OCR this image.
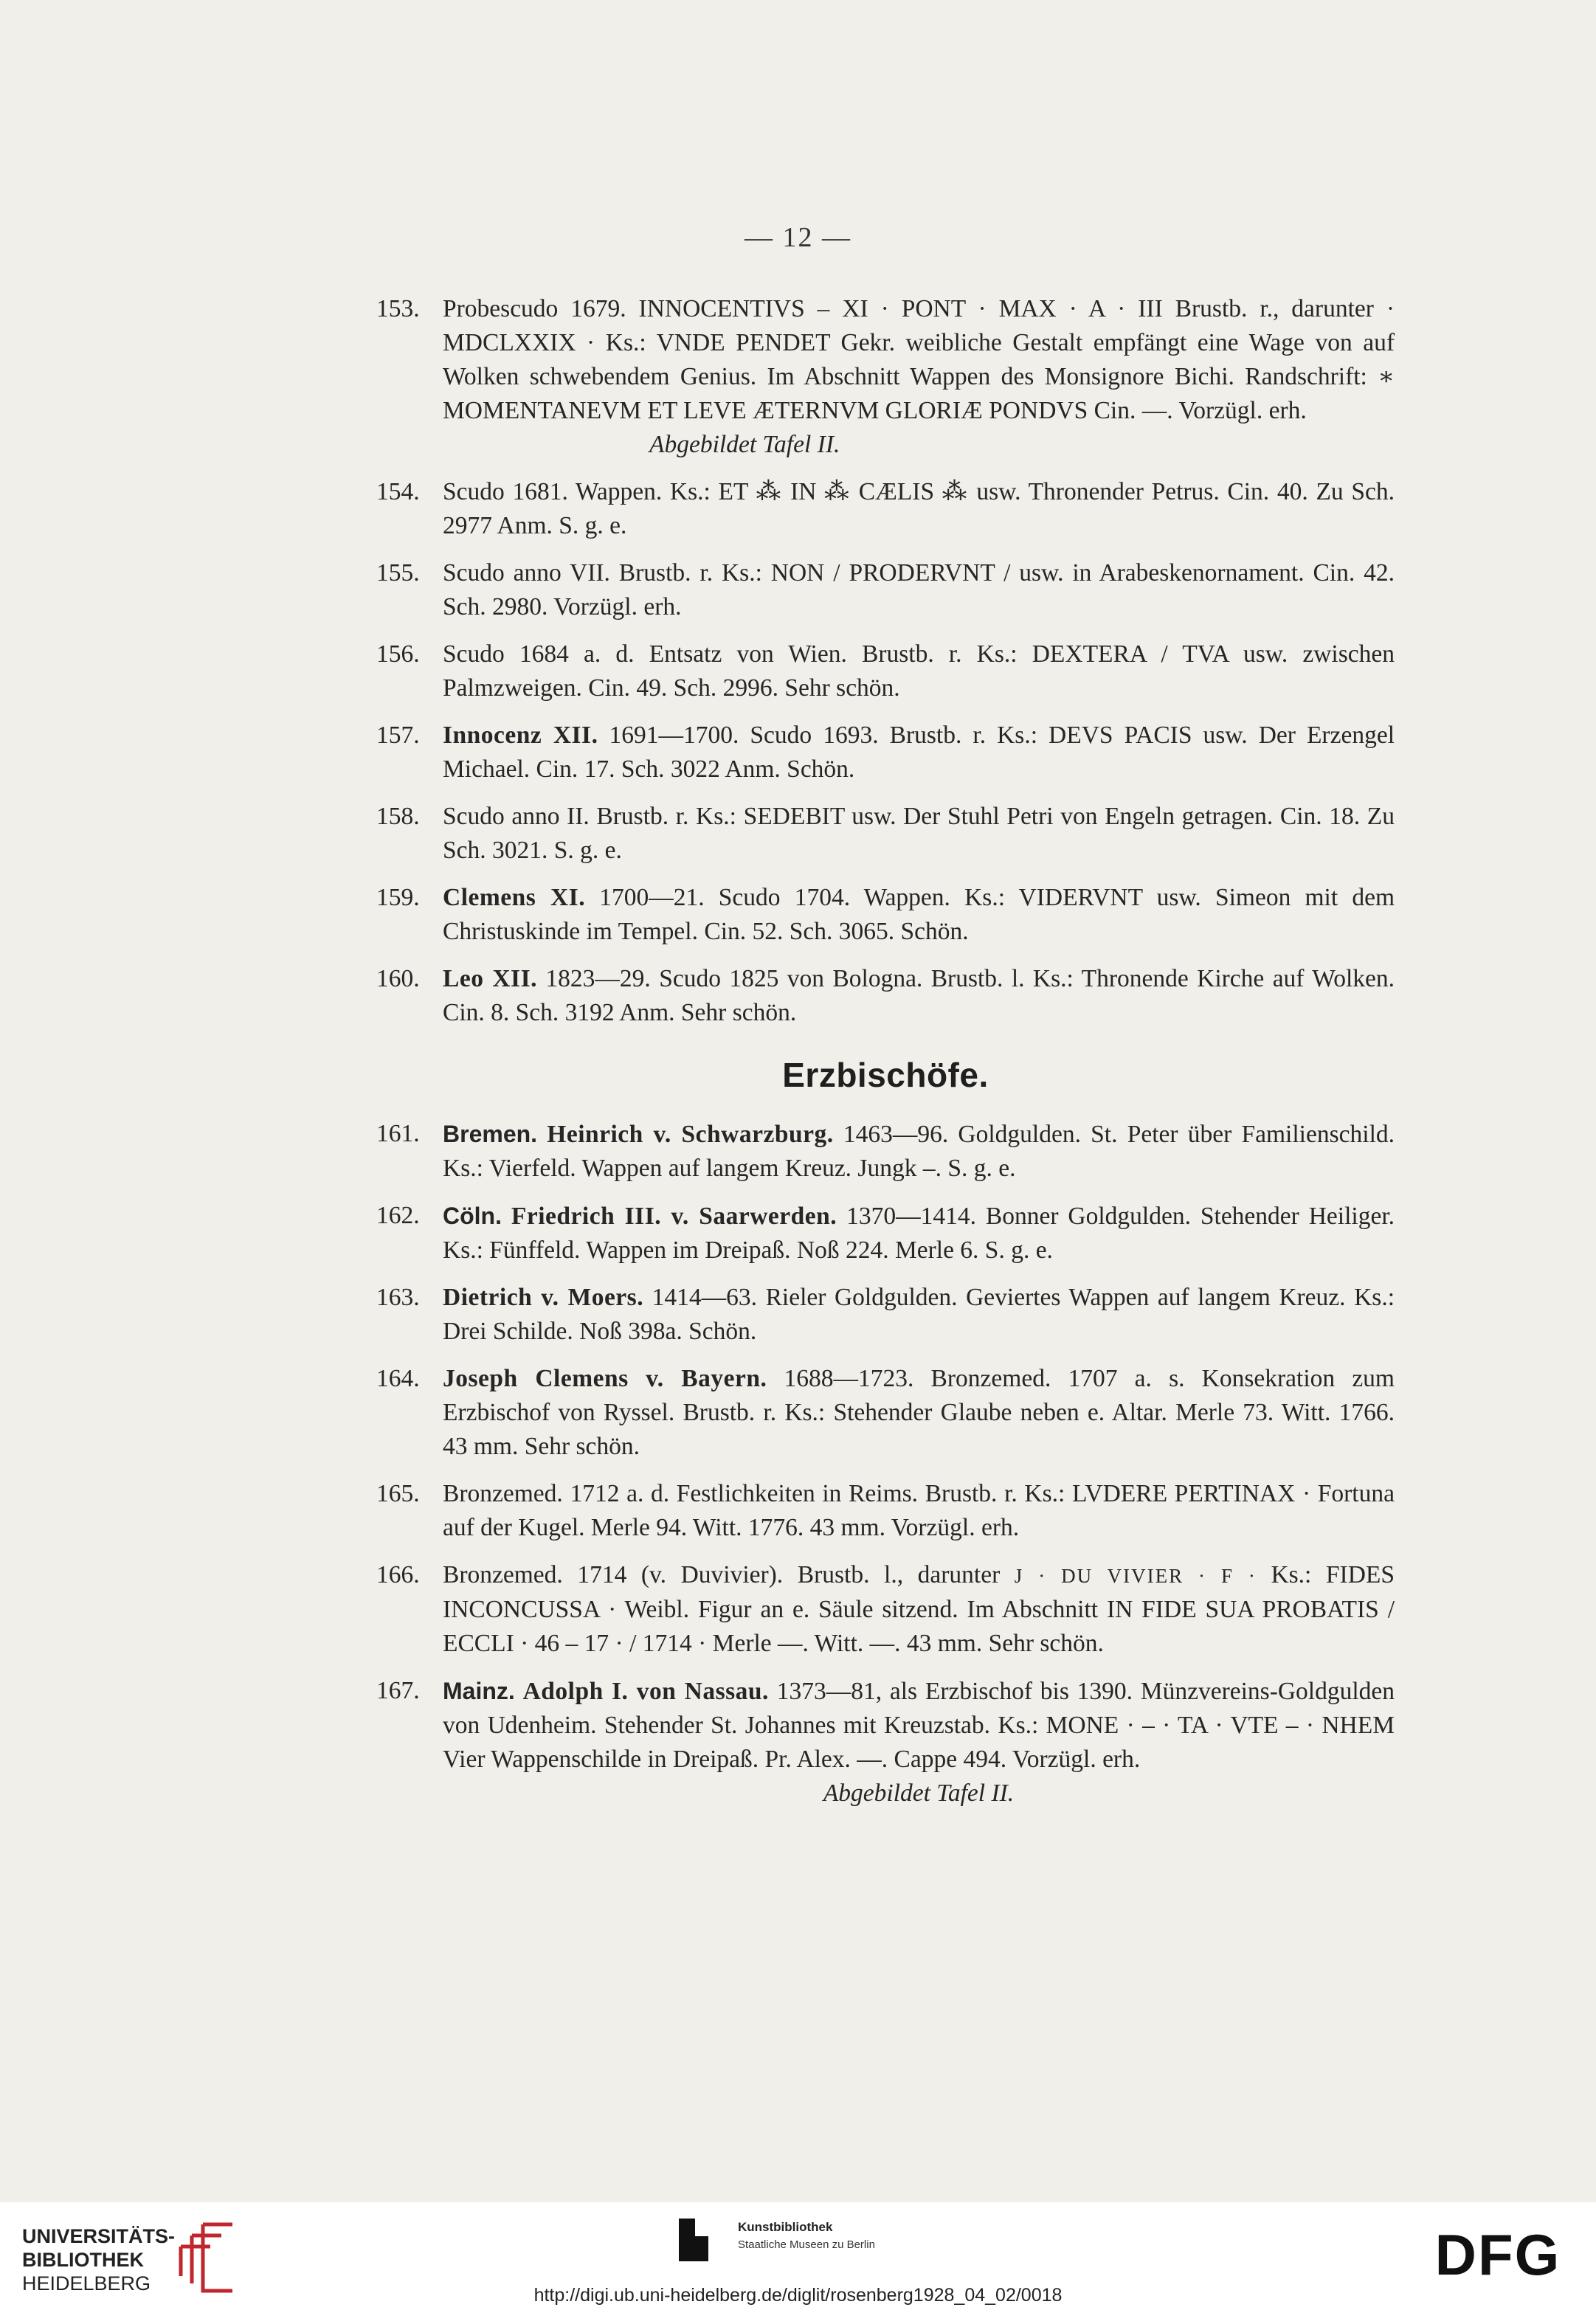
— 12 —
153. Probescudo 1679. INNOCENTIVS – XI · PONT · MAX · A · III Brustb. r., darunter · MDCLXXIX · Ks.: VNDE PENDET Gekr. weibliche Gestalt empfängt eine Wage von auf Wolken schwebendem Genius. Im Abschnitt Wappen des Monsignore Bichi. Randschrift: ∗ MOMENTANEVM ET LEVE ÆTERNVM GLORIÆ PONDVS Cin. —. Vorzügl. erh.
Abgebildet Tafel II.
154. Scudo 1681. Wappen. Ks.: ET ⁂ IN ⁂ CÆLIS ⁂ usw. Thronender Petrus. Cin. 40. Zu Sch. 2977 Anm. S. g. e.
155. Scudo anno VII. Brustb. r. Ks.: NON / PRODERVNT / usw. in Arabeskenornament. Cin. 42. Sch. 2980. Vorzügl. erh.
156. Scudo 1684 a. d. Entsatz von Wien. Brustb. r. Ks.: DEXTERA / TVA usw. zwischen Palmzweigen. Cin. 49. Sch. 2996. Sehr schön.
157. Innocenz XII. 1691—1700. Scudo 1693. Brustb. r. Ks.: DEVS PACIS usw. Der Erzengel Michael. Cin. 17. Sch. 3022 Anm. Schön.
158. Scudo anno II. Brustb. r. Ks.: SEDEBIT usw. Der Stuhl Petri von Engeln getragen. Cin. 18. Zu Sch. 3021. S. g. e.
159. Clemens XI. 1700—21. Scudo 1704. Wappen. Ks.: VIDERVNT usw. Simeon mit dem Christuskinde im Tempel. Cin. 52. Sch. 3065. Schön.
160. Leo XII. 1823—29. Scudo 1825 von Bologna. Brustb. l. Ks.: Thronende Kirche auf Wolken. Cin. 8. Sch. 3192 Anm. Sehr schön.
Erzbischöfe.
161. Bremen. Heinrich v. Schwarzburg. 1463—96. Goldgulden. St. Peter über Familienschild. Ks.: Vierfeld. Wappen auf langem Kreuz. Jungk –. S. g. e.
162. Cöln. Friedrich III. v. Saarwerden. 1370—1414. Bonner Goldgulden. Stehender Heiliger. Ks.: Fünffeld. Wappen im Dreipaß. Noß 224. Merle 6. S. g. e.
163. Dietrich v. Moers. 1414—63. Rieler Goldgulden. Geviertes Wappen auf langem Kreuz. Ks.: Drei Schilde. Noß 398a. Schön.
164. Joseph Clemens v. Bayern. 1688—1723. Bronzemed. 1707 a. s. Konsekration zum Erzbischof von Ryssel. Brustb. r. Ks.: Stehender Glaube neben e. Altar. Merle 73. Witt. 1766. 43 mm. Sehr schön.
165. Bronzemed. 1712 a. d. Festlichkeiten in Reims. Brustb. r. Ks.: LVDERE PERTINAX · Fortuna auf der Kugel. Merle 94. Witt. 1776. 43 mm. Vorzügl. erh.
166. Bronzemed. 1714 (v. Duvivier). Brustb. l., darunter J · DU VIVIER · F · Ks.: FIDES INCONCUSSA · Weibl. Figur an e. Säule sitzend. Im Abschnitt IN FIDE SUA PROBATIS / ECCLI · 46 – 17 · / 1714 · Merle —. Witt. —. 43 mm. Sehr schön.
167. Mainz. Adolph I. von Nassau. 1373—81, als Erzbischof bis 1390. Münzvereins-Goldgulden von Udenheim. Stehender St. Johannes mit Kreuzstab. Ks.: MONE · – · TA · VTE – · NHEM Vier Wappenschilde in Dreipaß. Pr. Alex. —. Cappe 494. Vorzügl. erh.
Abgebildet Tafel II.
UNIVERSITÄTS-
BIBLIOTHEK
HEIDELBERG
Kunstbibliothek
Staatliche Museen zu Berlin	DFG
http://digi.ub.uni-heidelberg.de/diglit/rosenberg1928_04_02/0018
